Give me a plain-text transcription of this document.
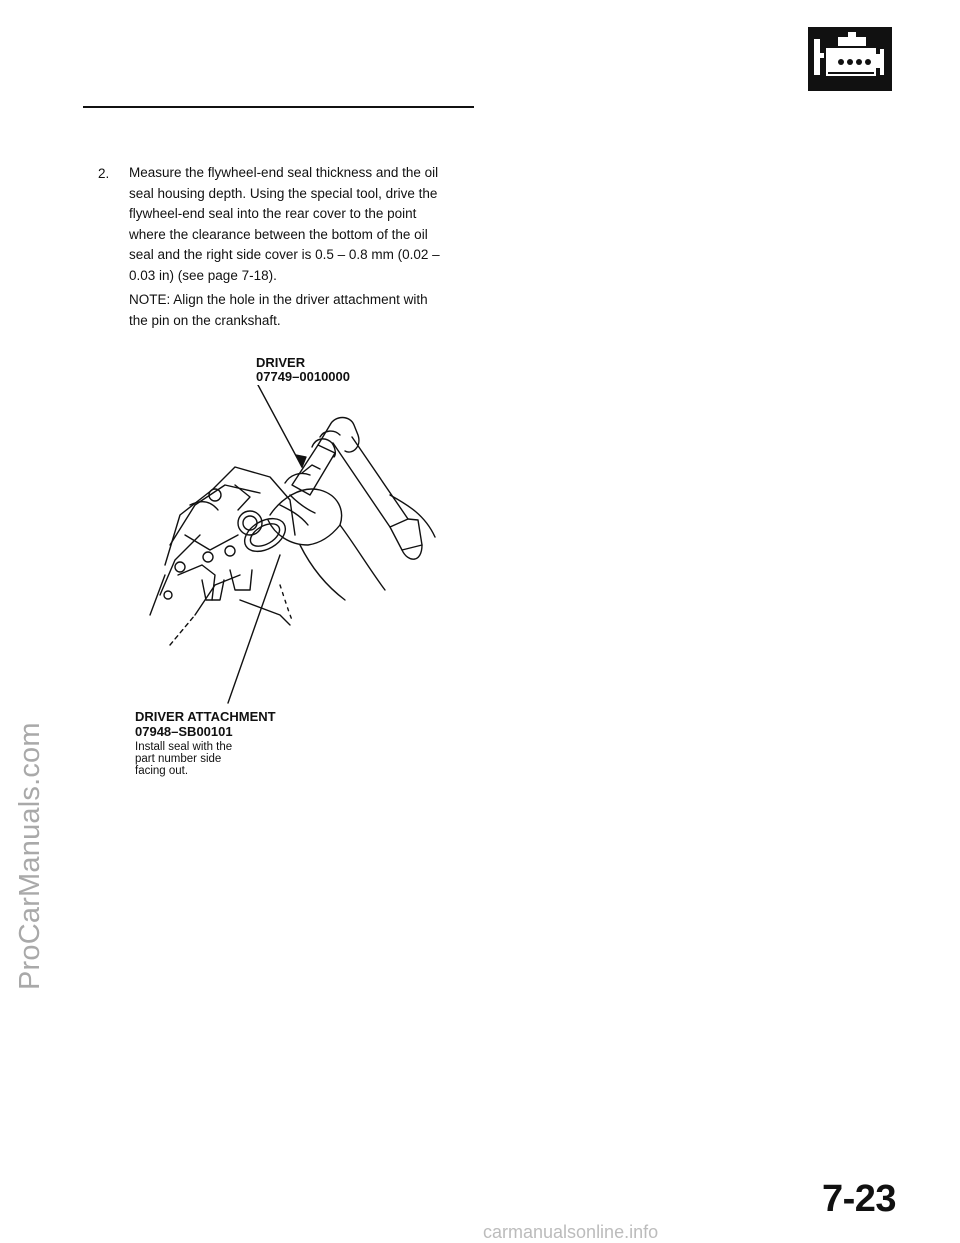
ProCarManuals.com
2. Measure the flywheel-end seal thickness and the oil
seal housing depth. Using the special tool, drive the
flywheel-end seal into the rear cover to the point
where the clearance between the bottom of the oil
seal and the right side cover is 0.5 – 0.8 mm (0.02 –
0.03 in) (see page 7-18).

NOTE: Align the hole in the driver attachment with
the pin on the crankshaft.

DRIVER
07749–0010000
DRIVER ATTACHMENT
07948–SB00101
Install seal with the
part number side
facing out.
7-23
carmanualsonline.info
